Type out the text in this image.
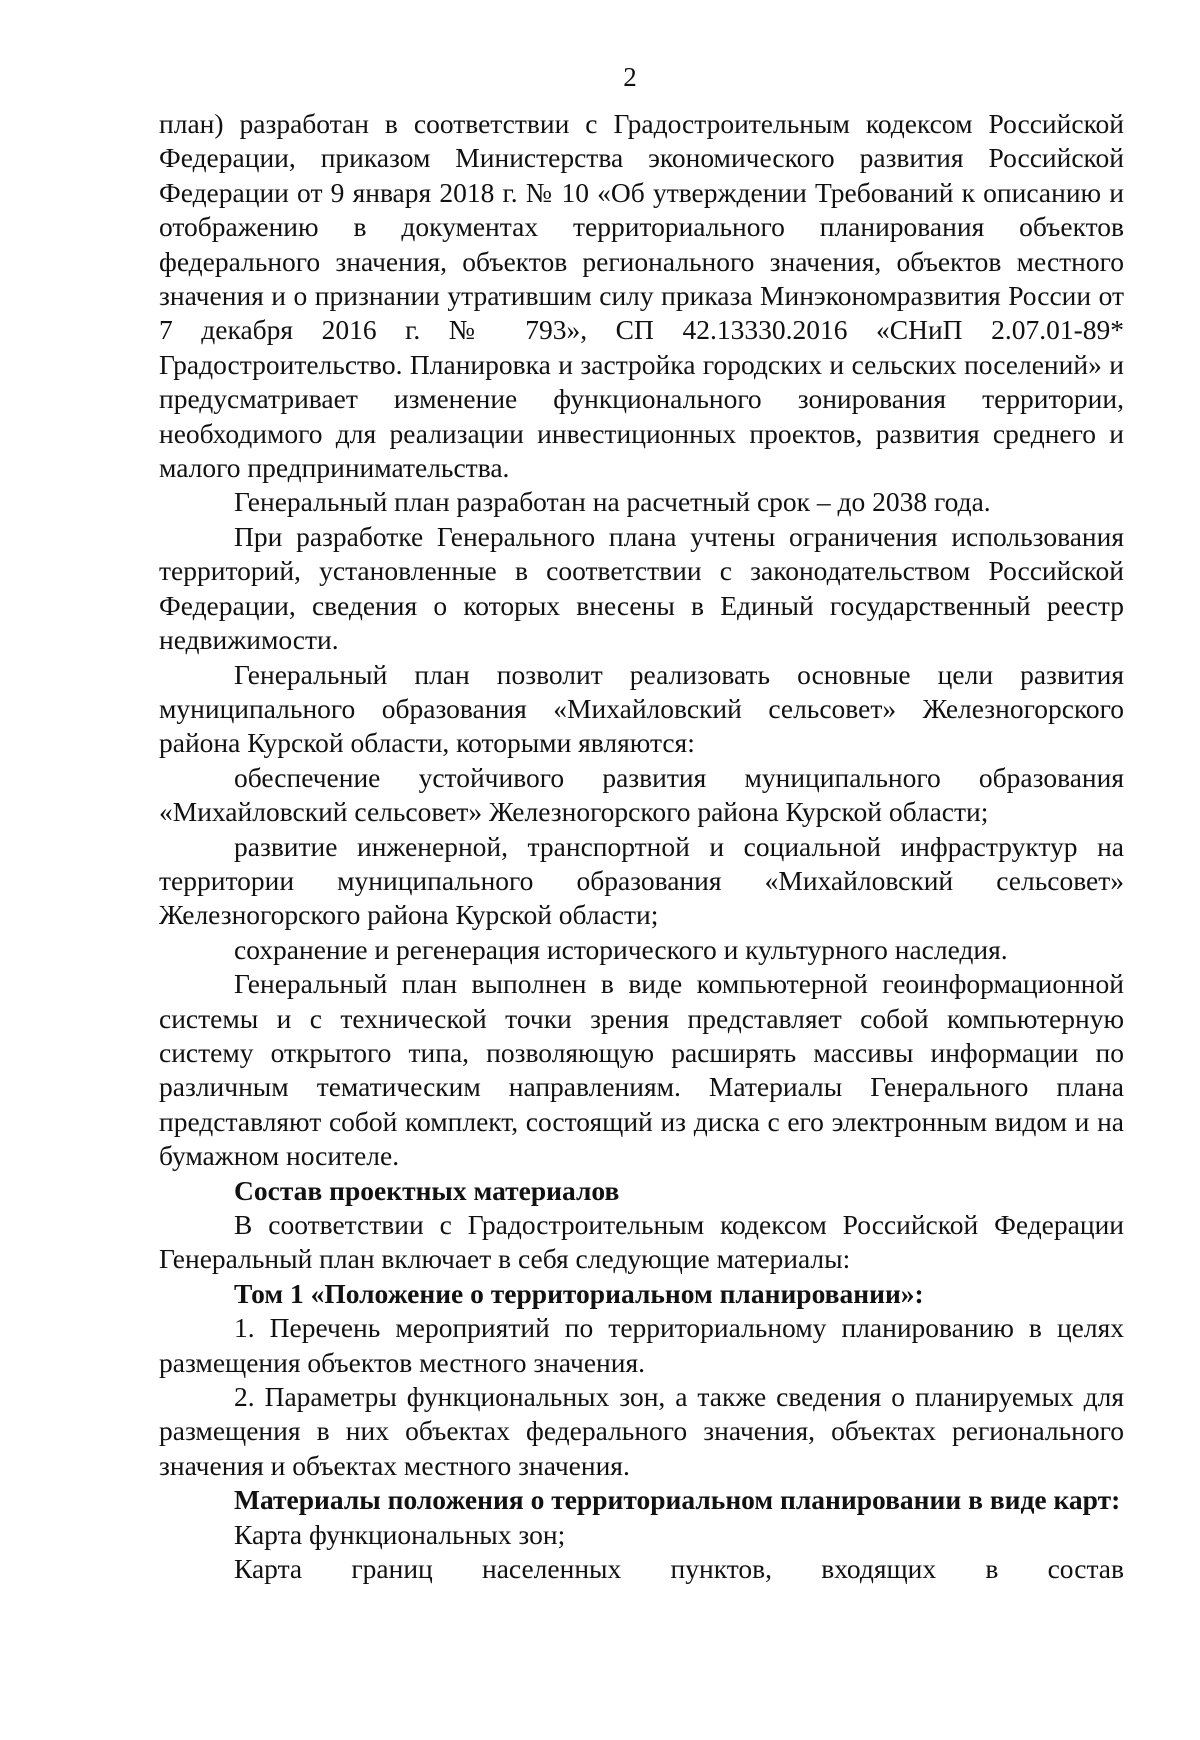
2

план) разработан в соответствии с Градостроительным кодексом Российской Федерации, приказом Министерства экономического развития Российской Федерации от 9 января 2018 г. № 10 «Об утверждении Требований к описанию и отображению в документах территориального планирования объектов федерального значения, объектов регионального значения, объектов местного значения и о признании утратившим силу приказа Минэкономразвития России от 7 декабря 2016 г. № 793», СП 42.13330.2016 «СНиП 2.07.01-89* Градостроительство. Планировка и застройка городских и сельских поселений» и предусматривает изменение функционального зонирования территории, необходимого для реализации инвестиционных проектов, развития среднего и малого предпринимательства.

Генеральный план разработан на расчетный срок – до 2038 года.

При разработке Генерального плана учтены ограничения использования территорий, установленные в соответствии с законодательством Российской Федерации, сведения о которых внесены в Единый государственный реестр недвижимости.

Генеральный план позволит реализовать основные цели развития муниципального образования «Михайловский сельсовет» Железногорского района Курской области, которыми являются:

обеспечение устойчивого развития муниципального образования «Михайловский сельсовет» Железногорского района Курской области;

развитие инженерной, транспортной и социальной инфраструктур на территории муниципального образования «Михайловский сельсовет» Железногорского района Курской области;

сохранение и регенерация исторического и культурного наследия.

Генеральный план выполнен в виде компьютерной геоинформационной системы и с технической точки зрения представляет собой компьютерную систему открытого типа, позволяющую расширять массивы информации по различным тематическим направлениям. Материалы Генерального плана представляют собой комплект, состоящий из диска с его электронным видом и на бумажном носителе.

Состав проектных материалов

В соответствии с Градостроительным кодексом Российской Федерации Генеральный план включает в себя следующие материалы:

Том 1 «Положение о территориальном планировании»:

1. Перечень мероприятий по территориальному планированию в целях размещения объектов местного значения.

2. Параметры функциональных зон, а также сведения о планируемых для размещения в них объектах федерального значения, объектах регионального значения и объектах местного значения.

Материалы положения о территориальном планировании в виде карт:

Карта функциональных зон;

Карта границ населенных пунктов, входящих в состав
